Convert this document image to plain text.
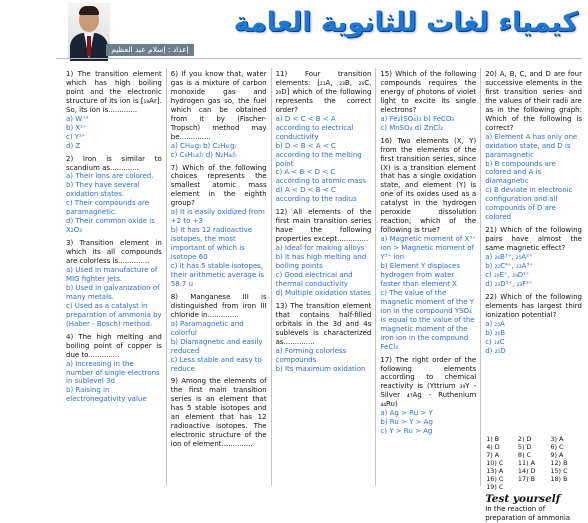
إعداد : إسلام عبد العظيم
كيمياء لغات للثانوية العامة
1) The transition element which has high boiling point and the electronic structure of its ion is [₁₈Ar]. So, its ion is.............
a) W⁺²
b) X²⁺
c) Y²⁺
d) Z
2) Iron is similar to scandium as.............
a) Their ions are colored.
b) They have several oxidation states.
c) Their compounds are paramagnetic.
d) Their common oxide is X₂O₃
3) Transition element in which its all compounds are colorless is..............
a) Used in manufacture of MIG fighter jets.
b) Used in galvanization of many metals.
c) Used as a catalyst in preparation of ammonia by (Haber - Bosch) method.
4) The high melting and boiling point of copper is due to..............
a) Increasing in the number of single electrons in sublevel 3d
b) Raising in electronegativity value
6) If you know that, water gas is a mixture of carbon monoxide gas and hydrogen gas so, the fuel which can be obtained from it by (Fischer- Tropsch) method may be..............
a) CH₄₍g₎ b) C₂H₆₍g₎
c) C₆H₁₄₍l₎ d) N₂H₄₍l₎
7) Which of the following choices represents the smallest atomic mass element in the eighth group?
a) It is easily oxidized from +2 to +3
b) It has 12 radioactive isotopes, the most important of which is isotope 60
c) It has 5 stable isotopes, their arithmetic average is 58.7 u
8) Manganese III is distinguished from iron III chloride in..............
a) Paramagnetic and colorful
b) Diamagnetic and easily reduced
c) Less stable and easy to reduce
9) Among the elements of the first main transition series is an element that has 5 stable isotopes and an element that has 12 radioactive isotopes. The electronic structure of the ion of element..............
11) Four transition elements: [₂₁A, ₂₃B, ₂₆C, ₂₉D] which of the following represents the correct order?
a) D < C < B < A
according to electrical conductivity
b) D < B < A < C
according to the melting point
c) A < B < D < C
according to atomic mass
d) A < D < B < C
according to the radius
12) All elements of the first main transition series have the following properties except..............
a) Ideal for making alloys b) It has high melting and boiling points
c) Good electrical and thermal conductivity
d) Multiple oxidation states
13) The transition element that contains half-filled orbitals in the 3d and 4s sublevels is characterized as..............
a) Forming colorless compounds
b) Its maximum oxidation
15) Which of the following compounds requires the energy of photons of violet light to excite its single electrons?
a) Fe₂(SO₄)₃ b) FeCO₃
c) MnSO₄ d) ZnCl₂
16) Two elements (X, Y) from the elements of the first transition series, since (X) is a transition element that has a single oxidation state, and element (Y) is one of its oxides used as a catalyst in the hydrogen peroxide dissolution reaction; which of the following is true?
a) Magnetic moment of X³⁺ ion > Magnetic moment of Y³⁺ ion
b) Element Y displaces hydrogen from water faster than element X
c) The value of the magnetic moment of the Y ion in the compound YSO₄ is equal to the value of the magnetic moment of the iron ion in the compound FeCl₃
17) The right order of the following elements according to chemical reactivity is (Yttrium ₃₉Y - Silver ₄₇Ag - Ruthenium ₄₄Ru)
a) Ag > Ru > Y
b) Ru > Y > Ag
c) Y > Ru > Ag
20) A, B, C, and D are four successive elements in the first transition series and the values of their radii are as in the following graph: Which of the following is correct?
a) Element A has only one oxidation state, and D is paramagnetic
b) B compounds are colored and A is diamagnetic
c) B deviate in electronic configuration and all compounds of D are colored
21) Which of the following pairs have almost the same magnetic effect?
a) ₂₆B³⁺, ₂₅A²⁺
b) ₂₂C⁴⁺, ₂₃A³⁺
c) ₂₉E⁺, ₂₉D²⁺
d) ₂₃D³⁺, ₂₃F²⁺
22) Which of the following elements has largest third ionization potential?
a) ₂₅A
b) ₂₆B
c) ₂₄C
d) ₂₅D
1) B	2) D	3) A
4) D	5) D	6) C
7) A	8) C	9) A
10) C	11) A	12) B
13) A	14) D	15) C
16) C	17) B	18) B
19) C		
Test yourself
In the reaction of preparation of ammonia
